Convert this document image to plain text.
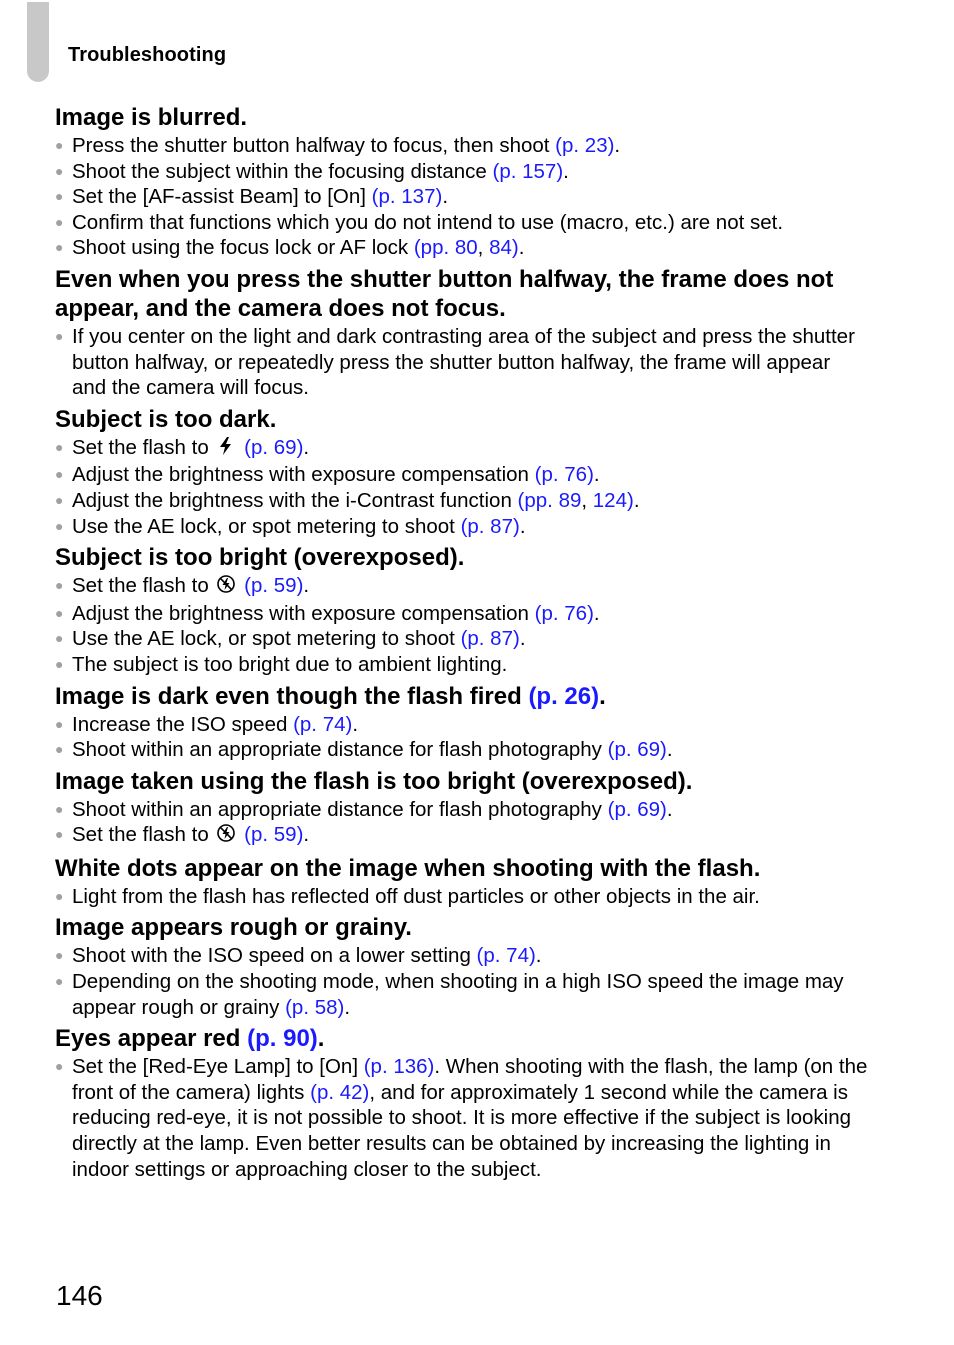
Troubleshooting
Image is blurred.
● Press the shutter button halfway to focus, then shoot (p. 23).
● Shoot the subject within the focusing distance (p. 157).
● Set the [AF-assist Beam] to [On] (p. 137).
● Confirm that functions which you do not intend to use (macro, etc.) are not set.
● Shoot using the focus lock or AF lock (pp. 80, 84).
Even when you press the shutter button halfway, the frame does not appear, and the camera does not focus.
● If you center on the light and dark contrasting area of the subject and press the shutter button halfway, or repeatedly press the shutter button halfway, the frame will appear and the camera will focus.
Subject is too dark.
● Set the flash to  (p. 69).
● Adjust the brightness with exposure compensation (p. 76).
● Adjust the brightness with the i-Contrast function (pp. 89, 124).
● Use the AE lock, or spot metering to shoot (p. 87).
Subject is too bright (overexposed).
● Set the flash to  (p. 59).
● Adjust the brightness with exposure compensation (p. 76).
● Use the AE lock, or spot metering to shoot (p. 87).
● The subject is too bright due to ambient lighting.
Image is dark even though the flash fired (p. 26).
● Increase the ISO speed (p. 74).
● Shoot within an appropriate distance for flash photography (p. 69).
Image taken using the flash is too bright (overexposed).
● Shoot within an appropriate distance for flash photography (p. 69).
● Set the flash to  (p. 59).
White dots appear on the image when shooting with the flash.
● Light from the flash has reflected off dust particles or other objects in the air.
Image appears rough or grainy.
● Shoot with the ISO speed on a lower setting (p. 74).
● Depending on the shooting mode, when shooting in a high ISO speed the image may appear rough or grainy (p. 58).
Eyes appear red (p. 90).
● Set the [Red-Eye Lamp] to [On] (p. 136). When shooting with the flash, the lamp (on the front of the camera) lights (p. 42), and for approximately 1 second while the camera is reducing red-eye, it is not possible to shoot. It is more effective if the subject is looking directly at the lamp. Even better results can be obtained by increasing the lighting in indoor settings or approaching closer to the subject.
146
